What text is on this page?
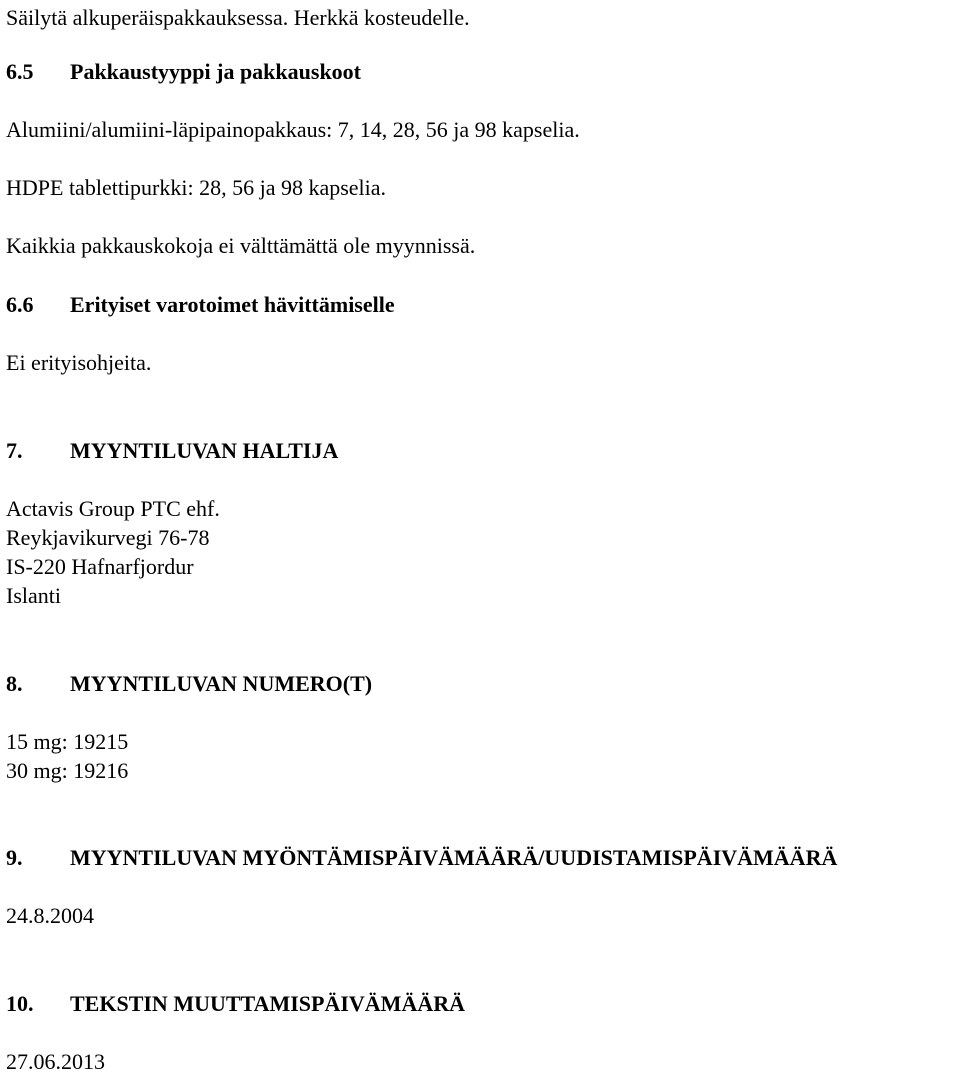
Säilytä alkuperäispakkauksessa. Herkkä kosteudelle.
6.5 Pakkaustyyppi ja pakkauskoot
Alumiini/alumiini-läpipainopakkaus: 7, 14, 28, 56 ja 98 kapselia.
HDPE tablettipurkki: 28, 56 ja 98 kapselia.
Kaikkia pakkauskokoja ei välttämättä ole myynnissä.
6.6 Erityiset varotoimet hävittämiselle
Ei erityisohjeita.
7. MYYNTILUVAN HALTIJA
Actavis Group PTC ehf.
Reykjavikurvegi 76-78
IS-220 Hafnarfjordur
Islanti
8. MYYNTILUVAN NUMERO(T)
15 mg: 19215
30 mg: 19216
9. MYYNTILUVAN MYÖNTÄMISPÄIVÄMÄÄRÄ/UUDISTAMISPÄIVÄMÄÄRÄ
24.8.2004
10. TEKSTIN MUUTTAMISPÄIVÄMÄÄRÄ
27.06.2013
